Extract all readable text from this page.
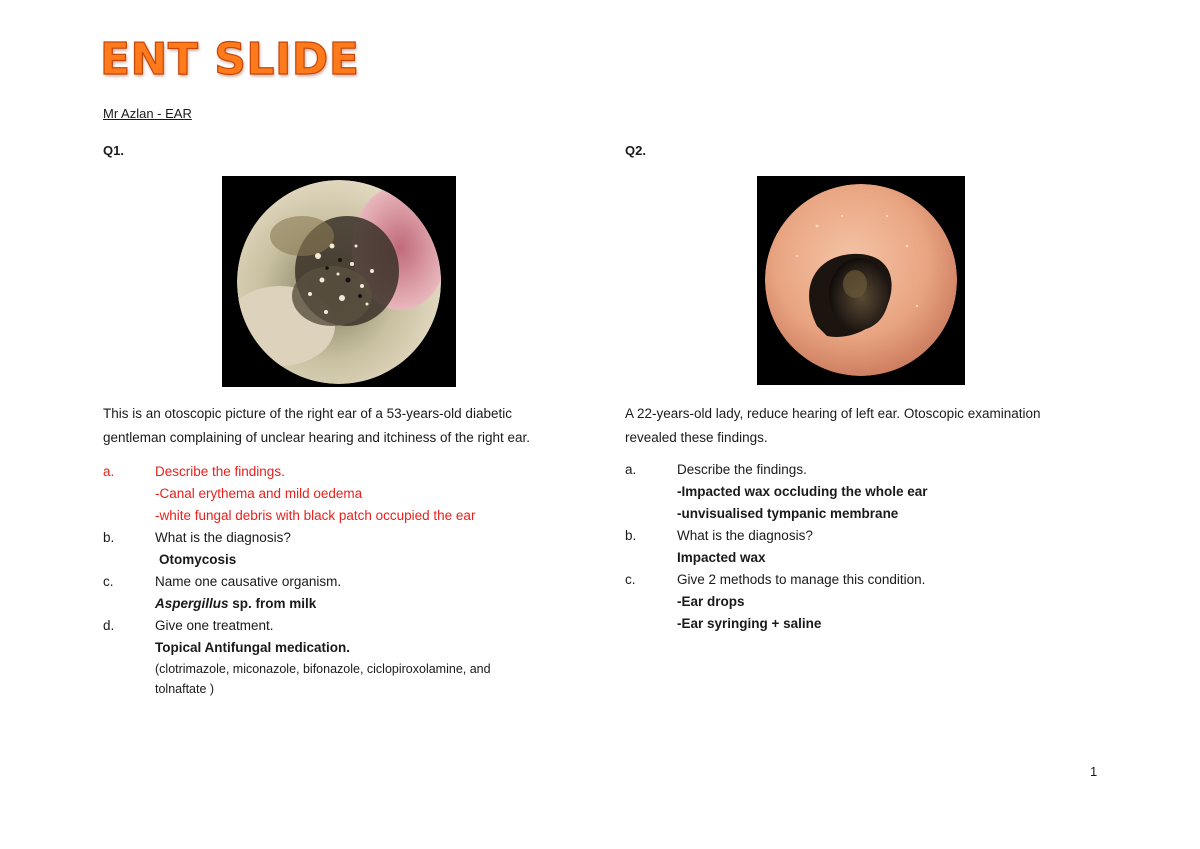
ENT SLIDE

Mr Azlan - EAR

Q1.

This is an otoscopic picture of the right ear of a 53-years-old diabetic
gentleman complaining of unclear hearing and itchiness of the right ear.

a.	Describe the findings.
-Canal erythema and mild oedema
-white fungal debris with black patch occupied the ear
b.	What is the diagnosis?
Otomycosis
c.	Name one causative organism.
Aspergillus sp. from milk
d.	Give one treatment.
Topical Antifungal medication.
(clotrimazole, miconazole, bifonazole, ciclopiroxolamine, and
tolnaftate )
Q2.

A 22-years-old lady, reduce hearing of left ear. Otoscopic examination
revealed these findings.

a.	Describe the findings.
-Impacted wax occluding the whole ear
-unvisualised tympanic membrane
b.	What is the diagnosis?
Impacted wax
c.	Give 2 methods to manage this condition.
-Ear drops
-Ear syringing + saline
1
